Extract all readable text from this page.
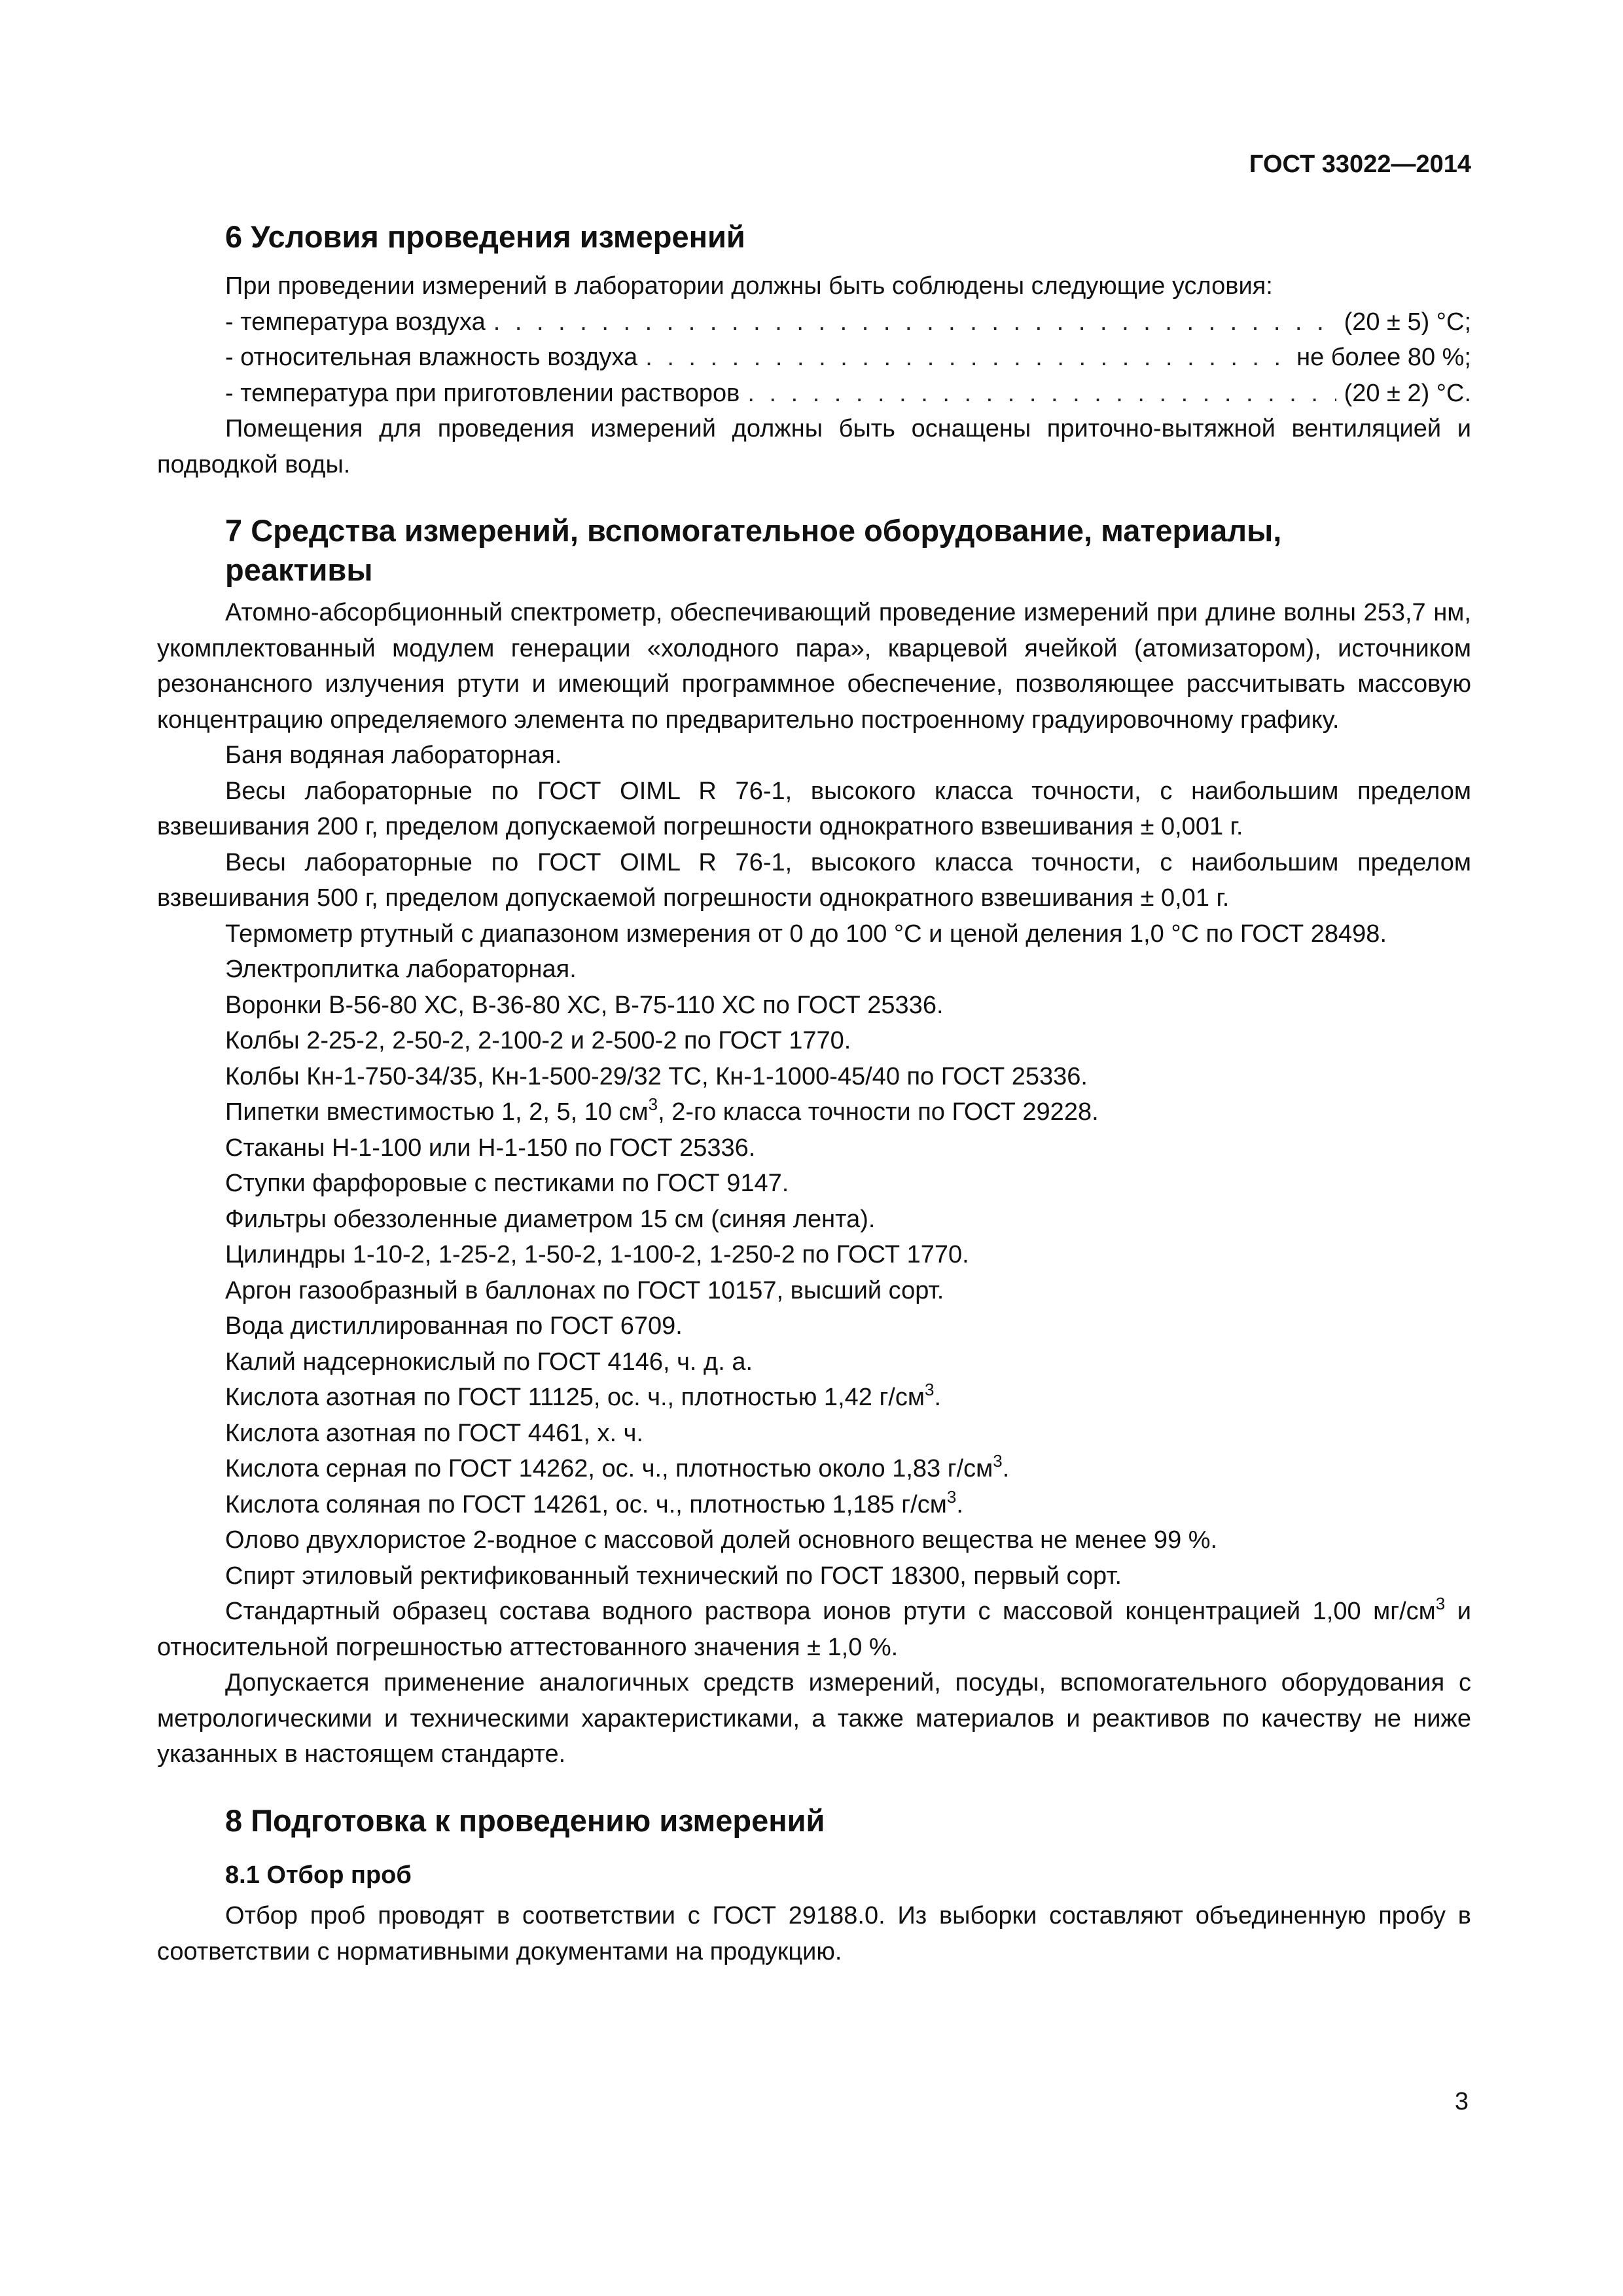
ГОСТ 33022—2014
6 Условия проведения измерений
При проведении измерений в лаборатории должны быть соблюдены следующие условия:
- температура воздуха . . .	(20 ± 5) °С;
- относительная влажность воздуха . . .	не более 80 %;
- температура при приготовлении растворов . . .	(20 ± 2) °С.

Помещения для проведения измерений должны быть оснащены приточно-вытяжной вентиляцией и подводкой воды.

7 Средства измерений, вспомогательное оборудование, материалы,
реактивы

Атомно-абсорбционный спектрометр, обеспечивающий проведение измерений при длине волны 253,7 нм, укомплектованный модулем генерации «холодного пара», кварцевой ячейкой (атомизатором), источником резонансного излучения ртути и имеющий программное обеспечение, позволяющее рассчитывать массовую концентрацию определяемого элемента по предварительно построенному градуировочному графику.

Баня водяная лабораторная.

Весы лабораторные по ГОСТ OIML R 76-1, высокого класса точности, с наибольшим пределом взвешивания 200 г, пределом допускаемой погрешности однократного взвешивания ± 0,001 г.

Весы лабораторные по ГОСТ OIML R 76-1, высокого класса точности, с наибольшим пределом взвешивания 500 г, пределом допускаемой погрешности однократного взвешивания ± 0,01 г.

Термометр ртутный с диапазоном измерения от 0 до 100 °С и ценой деления 1,0 °С по ГОСТ 28498.

Электроплитка лабораторная.

Воронки В-56-80 ХС, В-36-80 ХС, В-75-110 ХС по ГОСТ 25336.

Колбы 2-25-2, 2-50-2, 2-100-2 и 2-500-2 по ГОСТ 1770.

Колбы Кн-1-750-34/35, Кн-1-500-29/32 ТС, Кн-1-1000-45/40 по ГОСТ 25336.

Пипетки вместимостью 1, 2, 5, 10 $см^3$, 2-го класса точности по ГОСТ 29228.

Стаканы Н-1-100 или Н-1-150 по ГОСТ 25336.

Ступки фарфоровые с пестиками по ГОСТ 9147.

Фильтры обеззоленные диаметром 15 см (синяя лента).

Цилиндры 1-10-2, 1-25-2, 1-50-2, 1-100-2, 1-250-2 по ГОСТ 1770.

Аргон газообразный в баллонах по ГОСТ 10157, высший сорт.

Вода дистиллированная по ГОСТ 6709.

Калий надсернокислый по ГОСТ 4146, ч. д. а.

Кислота азотная по ГОСТ 11125, ос. ч., плотностью 1,42 $г/см^3$.

Кислота азотная по ГОСТ 4461, х. ч.

Кислота серная по ГОСТ 14262, ос. ч., плотностью около 1,83 $г/см^3$.

Кислота соляная по ГОСТ 14261, ос. ч., плотностью 1,185 $г/см^3$.

Олово двухлористое 2-водное с массовой долей основного вещества не менее 99 %.

Спирт этиловый ректификованный технический по ГОСТ 18300, первый сорт.

Стандартный образец состава водного раствора ионов ртути с массовой концентрацией 1,00 $мг/см^3$ и относительной погрешностью аттестованного значения ± 1,0 %.

Допускается применение аналогичных средств измерений, посуды, вспомогательного оборудования с метрологическими и техническими характеристиками, а также материалов и реактивов по качеству не ниже указанных в настоящем стандарте.

8 Подготовка к проведению измерений
8.1 Отбор проб

Отбор проб проводят в соответствии с ГОСТ 29188.0. Из выборки составляют объединенную пробу в соответствии с нормативными документами на продукцию.

3
